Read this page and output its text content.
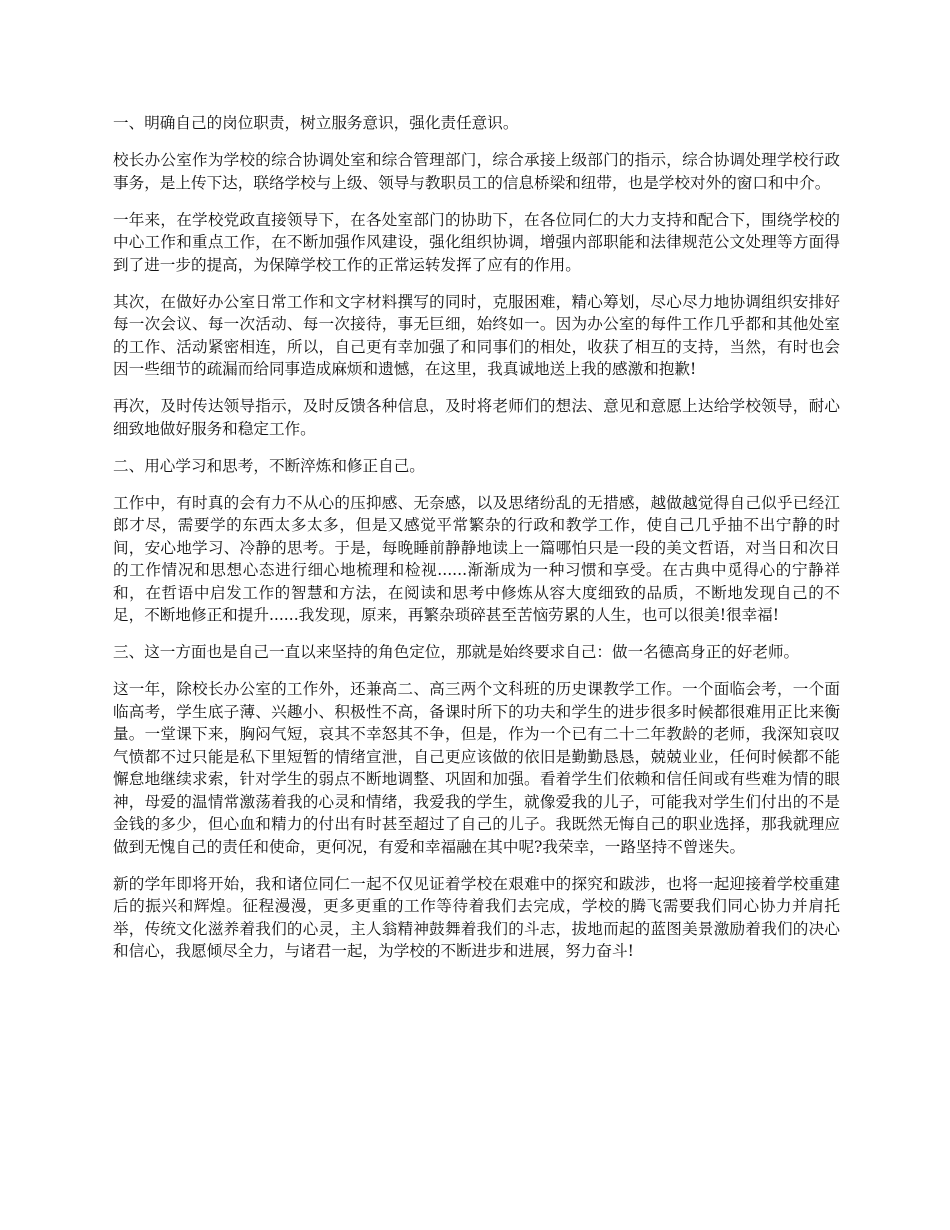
一、明确自己的岗位职责，树立服务意识，强化责任意识。

校长办公室作为学校的综合协调处室和综合管理部门，综合承接上级部门的指示，综合协调处理学校行政事务，是上传下达，联络学校与上级、领导与教职员工的信息桥梁和纽带，也是学校对外的窗口和中介。

一年来，在学校党政直接领导下，在各处室部门的协助下，在各位同仁的大力支持和配合下，围绕学校的中心工作和重点工作，在不断加强作风建设，强化组织协调，增强内部职能和法律规范公文处理等方面得到了进一步的提高，为保障学校工作的正常运转发挥了应有的作用。

其次，在做好办公室日常工作和文字材料撰写的同时，克服困难，精心筹划，尽心尽力地协调组织安排好每一次会议、每一次活动、每一次接待，事无巨细，始终如一。因为办公室的每件工作几乎都和其他处室的工作、活动紧密相连，所以，自己更有幸加强了和同事们的相处，收获了相互的支持，当然，有时也会因一些细节的疏漏而给同事造成麻烦和遗憾，在这里，我真诚地送上我的感激和抱歉!

再次，及时传达领导指示，及时反馈各种信息，及时将老师们的想法、意见和意愿上达给学校领导，耐心细致地做好服务和稳定工作。

二、用心学习和思考，不断淬炼和修正自己。

工作中，有时真的会有力不从心的压抑感、无奈感，以及思绪纷乱的无措感，越做越觉得自己似乎已经江郎才尽，需要学的东西太多太多，但是又感觉平常繁杂的行政和教学工作，使自己几乎抽不出宁静的时间，安心地学习、冷静的思考。于是，每晚睡前静静地读上一篇哪怕只是一段的美文哲语，对当日和次日的工作情况和思想心态进行细心地梳理和检视......渐渐成为一种习惯和享受。在古典中觅得心的宁静祥和，在哲语中启发工作的智慧和方法，在阅读和思考中修炼从容大度细致的品质，不断地发现自己的不足，不断地修正和提升......我发现，原来，再繁杂琐碎甚至苦恼劳累的人生，也可以很美!很幸福!

三、这一方面也是自己一直以来坚持的角色定位，那就是始终要求自己：做一名德高身正的好老师。

这一年，除校长办公室的工作外，还兼高二、高三两个文科班的历史课教学工作。一个面临会考，一个面临高考，学生底子薄、兴趣小、积极性不高，备课时所下的功夫和学生的进步很多时候都很难用正比来衡量。一堂课下来，胸闷气短，哀其不幸怒其不争，但是，作为一个已有二十二年教龄的老师，我深知哀叹气愤都不过只能是私下里短暂的情绪宣泄，自己更应该做的依旧是勤勤恳恳，兢兢业业，任何时候都不能懈怠地继续求索，针对学生的弱点不断地调整、巩固和加强。看着学生们依赖和信任间或有些难为情的眼神，母爱的温情常激荡着我的心灵和情绪，我爱我的学生，就像爱我的儿子，可能我对学生们付出的不是金钱的多少，但心血和精力的付出有时甚至超过了自己的儿子。我既然无悔自己的职业选择，那我就理应做到无愧自己的责任和使命，更何况，有爱和幸福融在其中呢?我荣幸，一路坚持不曾迷失。

新的学年即将开始，我和诸位同仁一起不仅见证着学校在艰难中的探究和跋涉，也将一起迎接着学校重建后的振兴和辉煌。征程漫漫，更多更重的工作等待着我们去完成，学校的腾飞需要我们同心协力并肩托举，传统文化滋养着我们的心灵，主人翁精神鼓舞着我们的斗志，拔地而起的蓝图美景激励着我们的决心和信心，我愿倾尽全力，与诸君一起，为学校的不断进步和进展，努力奋斗!
